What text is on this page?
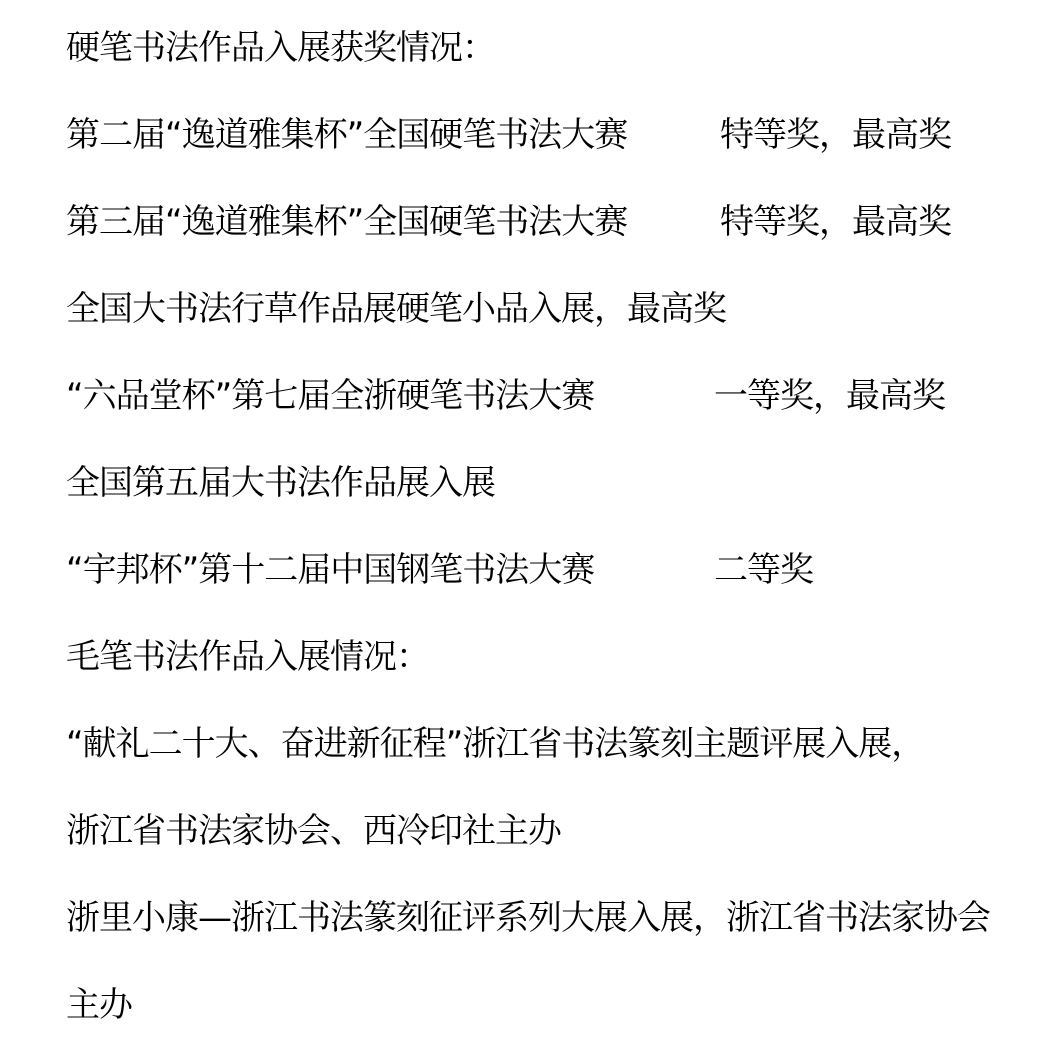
硬笔书法作品入展获奖情况：
第二届“逸道雅集杯”全国硬笔书法大赛	特等奖，最高奖
第三届“逸道雅集杯”全国硬笔书法大赛	特等奖，最高奖
全国大书法行草作品展硬笔小品入展，最高奖
“六品堂杯”第七届全浙硬笔书法大赛	一等奖，最高奖
全国第五届大书法作品展入展
“宇邦杯”第十二届中国钢笔书法大赛	二等奖
毛笔书法作品入展情况：
“献礼二十大、奋进新征程”浙江省书法篆刻主题评展入展，
浙江省书法家协会、西冷印社主办
浙里小康—浙江书法篆刻征评系列大展入展，浙江省书法家协会
主办
